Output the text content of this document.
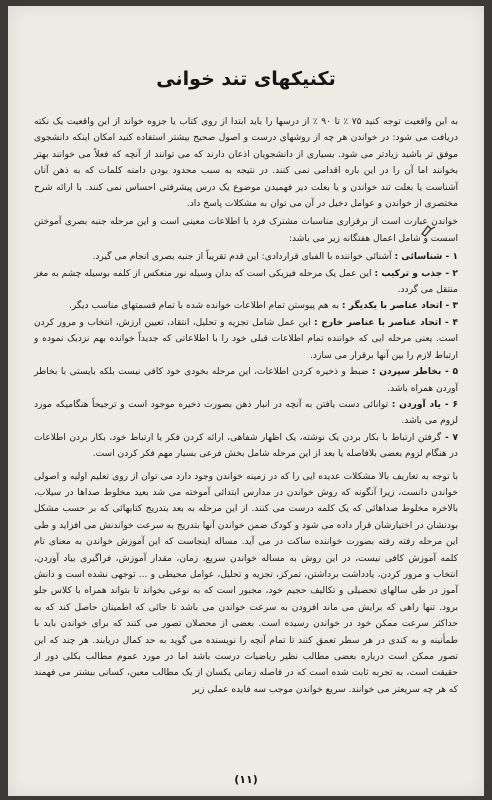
تکنیکهای تند خوانی

به این واقعیت توجه کنید ۷۵ ٪ تا ۹۰ ٪ از درسها را باید ابتدا از روی کتاب یا جزوه خواند از این واقعیت یک نکته دریافت می شود: در خواندن هر چه از روشهای درست و اصول صحیح بیشتر استفاده کنید امکان اینکه دانشجوی موفق تر باشید زیادتر می شود. بسیاری از دانشجویان اذعان دارند که می توانند از آنچه که فعلاً می خوانند بهتر بخوانند اما آن را در این باره اقدامی نمی کنند. در نتیجه به سبب محدود بودن دامنه کلمات که به ذهن آنان آشناست یا بعلت تند خواندن و یا بعلت دیر فهمیدن موضوع یک درس پیشرفتی احساس نمی کنند. با ارائه شرح مختصری از خواندن و عوامل دخیل در آن می توان به مشکلات پاسخ داد.

خواندن عبارت است از برقراری مناسبات مشترک فرد با اطلاعات معینی است و این مرحله جنبه بصری آموختن اسست و شامل اعمال هفتگانه زیر می باشد:

۱ - شناسائی : آشنائی خواننده با الفبای قراردادی: این قدم تقریباً از جنبه بصری انجام می گیرد.
۲ - جذب و ترکیب : این عمل یک مرحله فیزیکی است که بدان وسیله نور منعکس از کلمه بوسیله چشم به مغز منتقل می گردد.
۳ - اتحاد عناصر با یکدیگر : به هم پیوستن تمام اطلاعات خوانده شده با تمام قسمتهای مناسب دیگر.
۴ - اتحاد عناصر با عناصر خارج : این عمل شامل تجزیه و تحلیل، انتقاد، تعیین ارزش، انتخاب و مرور کردن است. یعنی مرحله ایی که خواننده تمام اطلاعات قبلی خود را با اطلاعاتی که جدیداً خوانده بهم نزدیک نموده و ارتباط لازم را بین آنها برقرار می سازد.
۵ - بخاطر سپردن : ضبط و ذخیره کردن اطلاعات، این مرحله بخودی خود کافی نیست بلکه بایستی با بخاطر آوردن همراه باشد.
۶ - یاد آوردن : توانائی دست یافتن به آنچه در انبار ذهن بصورت ذخیره موجود است و ترجیحاً هنگامیکه مورد لزوم می باشد.
۷ - گرفتن ارتباط با بکار بردن یک نوشته، یک اظهار شفاهی، ارائه کردن فکر یا ارتباط خود، بکار بردن اطلاعات در هنگام لزوم بعضی بلافاصله یا بعد از این مرحله شامل بخش فرعی بسیار مهم فکر کردن است.

با توجه به تعاریف بالا مشکلات عدیده ایی را که در زمینه خواندن وجود دارد می توان از روی تعلیم اولیه و اصولی خواندن دانست، زیرا آنگونه که روش خواندن در مدارس ابتدائی آموخته می شد بعید مخلوط صداها در سیلاب، بالاخره مخلوط صداهائی که یک کلمه درست می کنند. از این مرحله به بعد بتدریج کتابهائی که بر حسب مشکل بودنشان در اختیارشان قرار داده می شود و کودک ضمن خواندن آنها بتدریج به سرعت خواندنش می افزاید و طی این مرحله رفته رفته بصورت خواننده ساکت در می آید. مساله اینجاست که این آموزش خواندن به معنای تام کلمه آموزش کافی نیست، در این روش به مساله خواندن سریع، زمان، مقدار آموزش، فراگیری بیاد آوردن، انتخاب و مرور کردن، یادداشت برداشتن، تمرکز، تجزیه و تحلیل، عوامل محیطی و ... توجهی نشده است و دانش آموز در طی سالهای تحصیلی و تکالیف حجیم خود، مجبور است که به نوعی بخواند تا بتواند همراه با کلاس جلو برود. تنها راهی که برایش می ماند افزودن به سرعت خواندن می باشد تا جائی که اطمینان حاصل کند که به حداکثر سرعت ممکن خود در خواندن رسیده است. بعضی از محصلان تصور می کنند که برای خواندن باید با طمأنینه و به کندی در هر سطر تعمق کنند تا تمام آنچه را نویسنده می گوید به حد کمال دریابند. هر چند که این تصور ممکن است درباره بعضی مطالب نظیر ریاضیات درست باشد اما در مورد عموم مطالب بکلی دور از حقیقت است، به تجربه ثابت شده است که در فاصله زمانی یکسان از یک مطالب معین، کسانی بیشتر می فهمند که هر چه سریعتر می خوانند. سریع خواندن موجب سه فایده عملی زیر

(۱۱)
